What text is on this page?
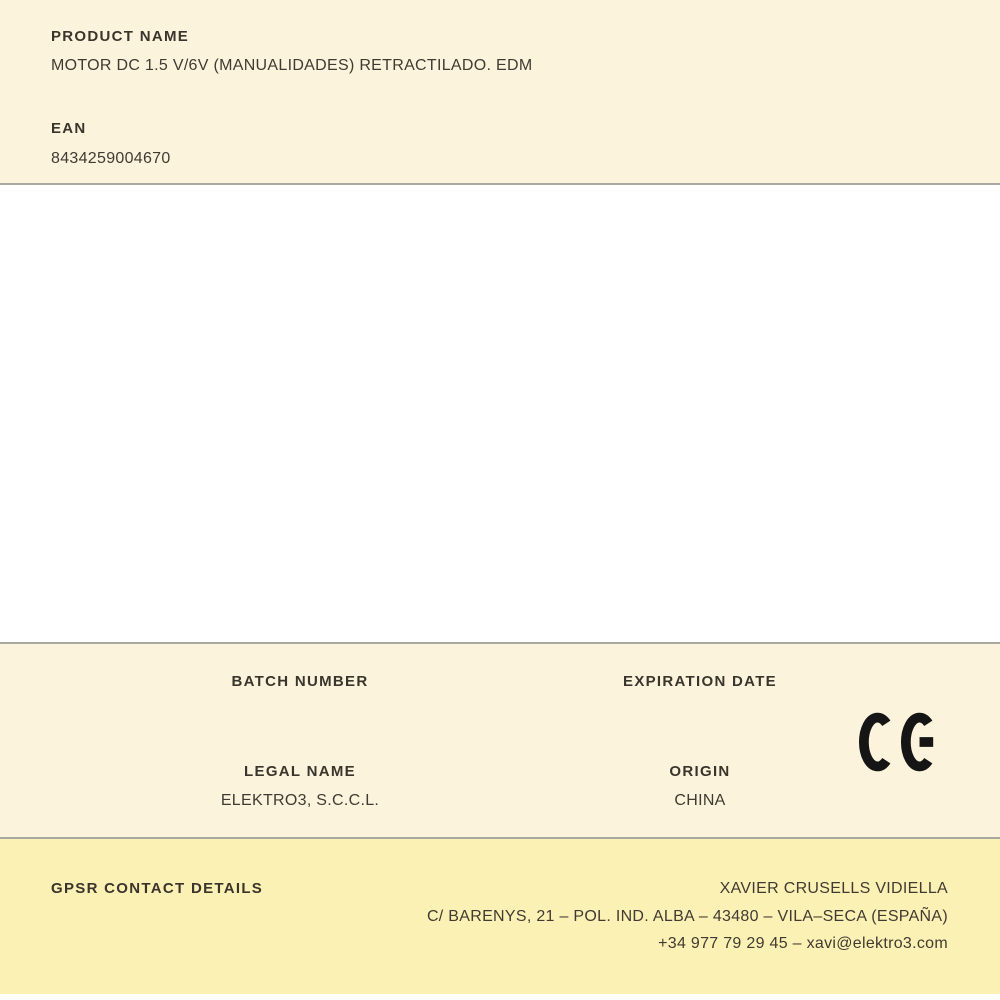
PRODUCT NAME
MOTOR DC 1.5 V/6V (MANUALIDADES) RETRACTILADO. EDM
EAN
8434259004670
BATCH NUMBER	EXPIRATION DATE
LEGAL NAME
ELEKTRO3, S.C.C.L.
ORIGIN
CHINA
GPSR CONTACT DETAILS	XAVIER CRUSELLS VIDIELLA
C/ BARENYS, 21 – POL. IND. ALBA – 43480 – VILA–SECA (ESPAÑA)
+34 977 79 29 45 – xavi@elektro3.com
